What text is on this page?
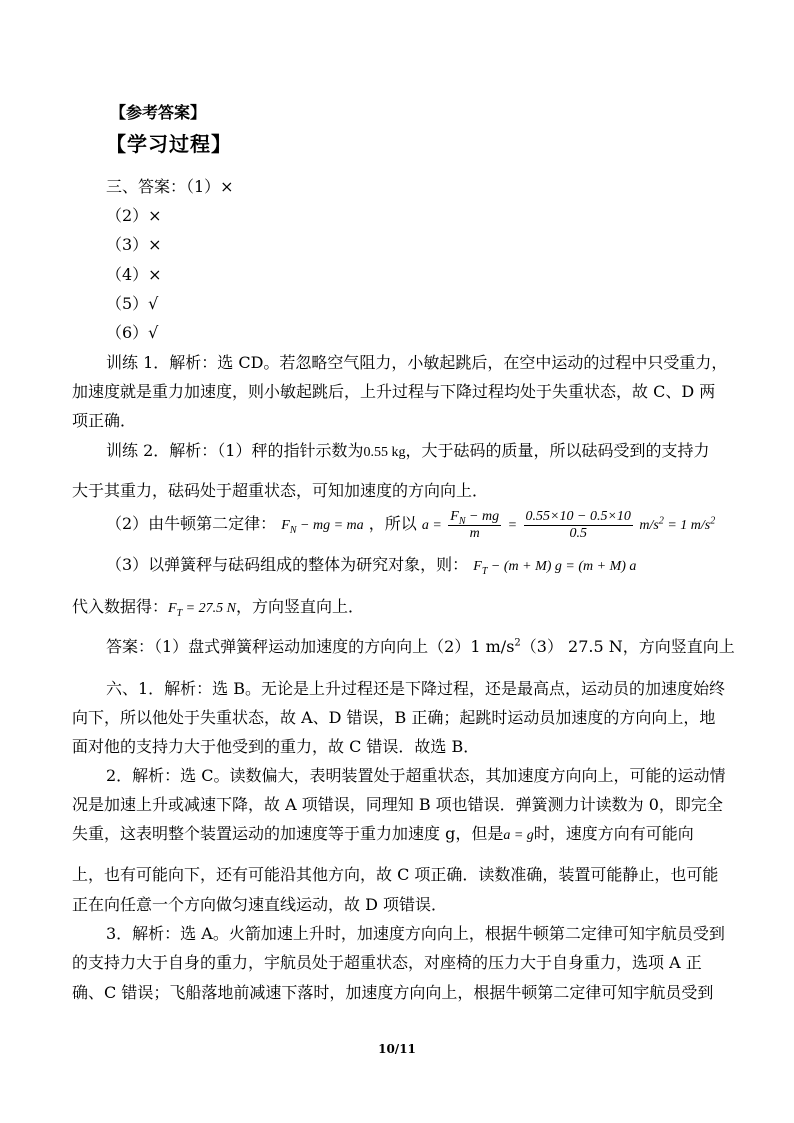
【参考答案】
【学习过程】
三、答案：（1）×
（2）×
（3）×
（4）×
（5）√
（6）√
训练 1．解析：选 CD。若忽略空气阻力，小敏起跳后，在空中运动的过程中只受重力，
加速度就是重力加速度，则小敏起跳后，上升过程与下降过程均处于失重状态，故 C、D 两
项正确．
训练 2．解析：（1）秤的指针示数为0.55 kg，大于砝码的质量，所以砝码受到的支持力
大于其重力，砝码处于超重状态，可知加速度的方向向上．
（2）由牛顿第二定律： $F_N$ − mg = ma ，所以 $a = \frac{F_N - mg}{m} = \frac{0.55\times 10 - 0.5\times 10}{0.5} m/s^2 = 1$ $m/s^2$
（3）以弹簧秤与砝码组成的整体为研究对象，则： $F_T - (m + M) g = (m + M)$ a
代入数据得：$F_T = 27.5$ N，方向竖直向上．
答案：（1）盘式弹簧秤运动加速度的方向向上（2）1 $m/s^2(3)$ 27.5 N，方向竖直向上
六、1．解析：选 B。无论是上升过程还是下降过程，还是最高点，运动员的加速度始终
向下，所以他处于失重状态，故 A、D 错误，B 正确；起跳时运动员加速度的方向向上，地
面对他的支持力大于他受到的重力，故 C 错误．故选 B．
2．解析：选 C。读数偏大，表明装置处于超重状态，其加速度方向向上，可能的运动情
况是加速上升或减速下降，故 A 项错误，同理知 B 项也错误．弹簧测力计读数为 0，即完全
失重，这表明整个装置运动的加速度等于重力加速度 g，但是a = g时，速度方向有可能向
上，也有可能向下，还有可能沿其他方向，故 C 项正确．读数准确，装置可能静止，也可能
正在向任意一个方向做匀速直线运动，故 D 项错误．
3．解析：选 A。火箭加速上升时，加速度方向向上，根据牛顿第二定律可知宇航员受到
的支持力大于自身的重力，宇航员处于超重状态，对座椅的压力大于自身重力，选项 A 正
确、C 错误；飞船落地前减速下落时，加速度方向向上，根据牛顿第二定律可知宇航员受到
10/11
